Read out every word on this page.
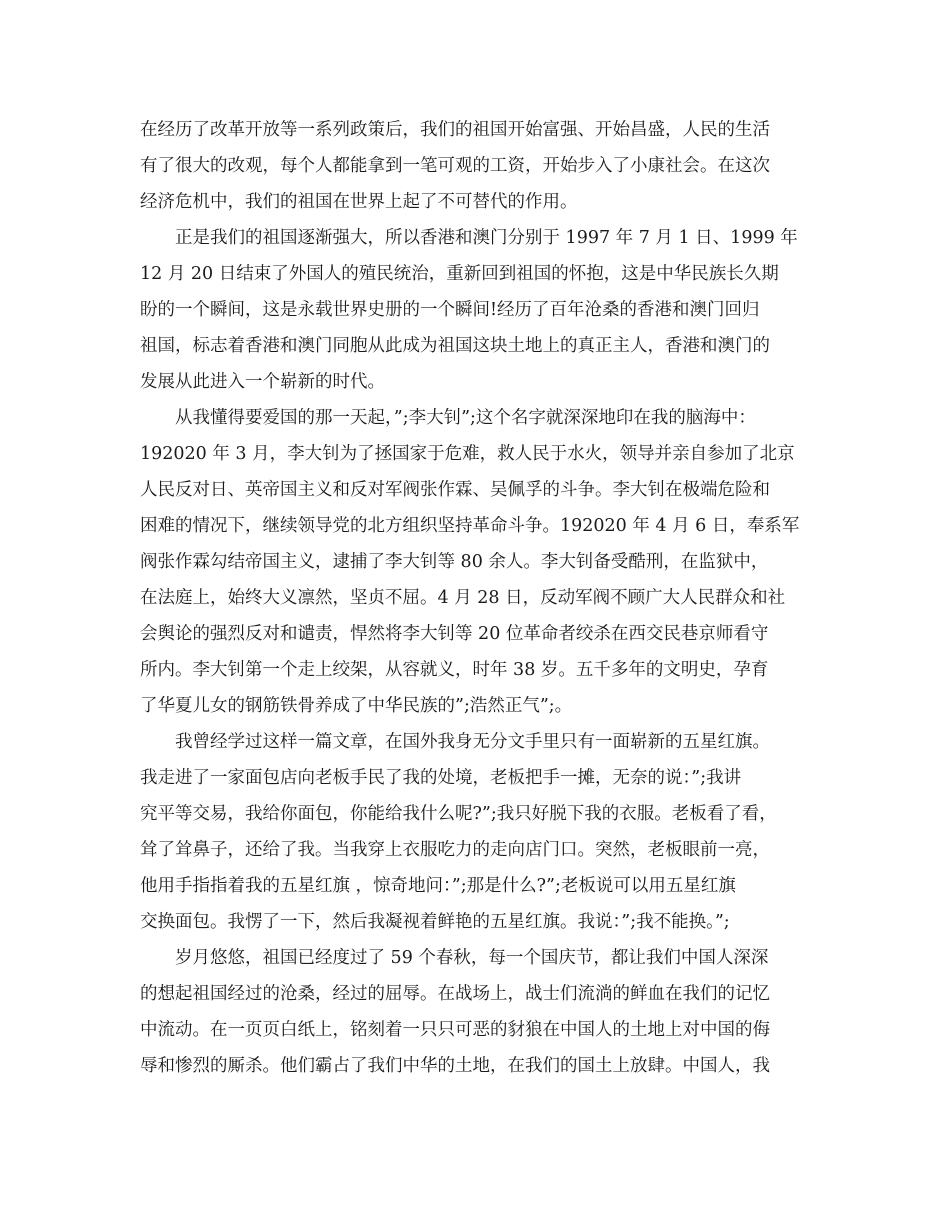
在经历了改革开放等一系列政策后，我们的祖国开始富强、开始昌盛，人民的生活
有了很大的改观，每个人都能拿到一笔可观的工资，开始步入了小康社会。在这次
经济危机中，我们的祖国在世界上起了不可替代的作用。
正是我们的祖国逐渐强大，所以香港和澳门分别于 1997 年 7 月 1 日、1999 年
12 月 20 日结束了外国人的殖民统治，重新回到祖国的怀抱，这是中华民族长久期
盼的一个瞬间，这是永载世界史册的一个瞬间!经历了百年沧桑的香港和澳门回归
祖国，标志着香港和澳门同胞从此成为祖国这块土地上的真正主人，香港和澳门的
发展从此进入一个崭新的时代。
从我懂得要爱国的那一天起，”;李大钊”;这个名字就深深地印在我的脑海中：
192020 年 3 月，李大钊为了拯国家于危难，救人民于水火，领导并亲自参加了北京
人民反对日、英帝国主义和反对军阀张作霖、吴佩孚的斗争。李大钊在极端危险和
困难的情况下，继续领导党的北方组织坚持革命斗争。192020 年 4 月 6 日，奉系军
阀张作霖勾结帝国主义，逮捕了李大钊等 80 余人。李大钊备受酷刑，在监狱中，
在法庭上，始终大义凛然，坚贞不屈。4 月 28 日，反动军阀不顾广大人民群众和社
会舆论的强烈反对和谴责，悍然将李大钊等 20 位革命者绞杀在西交民巷京师看守
所内。李大钊第一个走上绞架，从容就义，时年 38 岁。五千多年的文明史，孕育
了华夏儿女的钢筋铁骨养成了中华民族的”;浩然正气”;。
我曾经学过这样一篇文章，在国外我身无分文手里只有一面崭新的五星红旗。
我走进了一家面包店向老板手民了我的处境，老板把手一摊，无奈的说：”;我讲
究平等交易，我给你面包，你能给我什么呢?”;我只好脱下我的衣服。老板看了看，
耸了耸鼻子，还给了我。当我穿上衣服吃力的走向店门口。突然，老板眼前一亮，
他用手指指着我的五星红旗 ，惊奇地问：”;那是什么?”;老板说可以用五星红旗
交换面包。我愣了一下，然后我凝视着鲜艳的五星红旗。我说：”;我不能换。”;
岁月悠悠，祖国已经度过了 59 个春秋，每一个国庆节，都让我们中国人深深
的想起祖国经过的沧桑，经过的屈辱。在战场上，战士们流淌的鲜血在我们的记忆
中流动。在一页页白纸上，铭刻着一只只可恶的豺狼在中国人的土地上对中国的侮
辱和惨烈的厮杀。他们霸占了我们中华的土地，在我们的国土上放肆。中国人，我
